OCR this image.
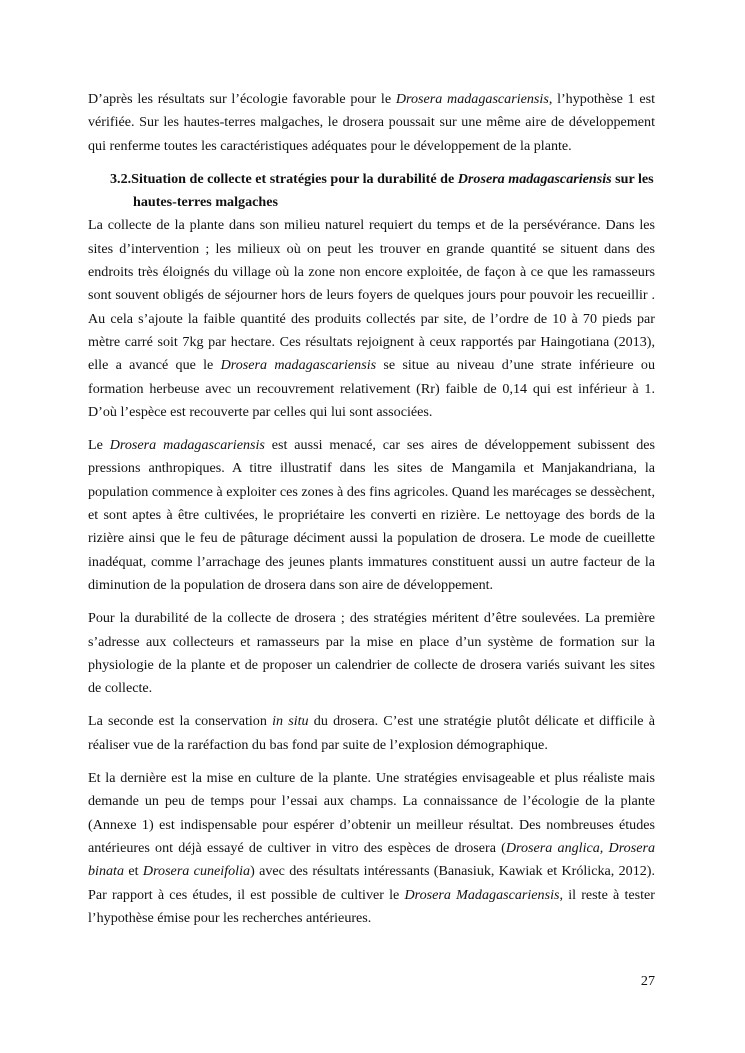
D’après les résultats sur l’écologie favorable pour le Drosera madagascariensis, l’hypothèse 1 est vérifiée. Sur les hautes-terres malgaches, le drosera poussait sur une même aire de développement qui renferme toutes les caractéristiques adéquates pour le développement de la plante.

3.2.Situation de collecte et stratégies pour la durabilité de Drosera madagascariensis sur les hautes-terres malgaches

La collecte de la plante dans son milieu naturel requiert du temps et de la persévérance. Dans les sites d’intervention ; les milieux où on peut les trouver en grande quantité se situent dans des endroits très éloignés du village où la zone non encore exploitée, de façon à ce que les ramasseurs sont souvent obligés de séjourner hors de leurs foyers de quelques jours pour pouvoir les recueillir . Au cela s’ajoute la faible quantité des produits collectés par site, de l’ordre de 10 à 70 pieds par mètre carré soit 7kg par hectare. Ces résultats rejoignent à ceux rapportés par Haingotiana (2013), elle a avancé que le Drosera madagascariensis se situe au niveau d’une strate inférieure ou formation herbeuse avec un recouvrement relativement (Rr) faible de 0,14 qui est inférieur à 1. D’où l’espèce est recouverte par celles qui lui sont associées.

Le Drosera madagascariensis est aussi menacé, car ses aires de développement subissent des pressions anthropiques. A titre illustratif dans les sites de Mangamila et Manjakandriana, la population commence à exploiter ces zones à des fins agricoles. Quand les marécages se dessèchent, et sont aptes à être cultivées, le propriétaire les converti en rizière. Le nettoyage des bords de la rizière ainsi que le feu de pâturage déciment aussi la population de drosera. Le mode de cueillette inadéquat, comme l’arrachage des jeunes plants immatures constituent aussi un autre facteur de la diminution de la population de drosera dans son aire de développement.

Pour la durabilité de la collecte de drosera ; des stratégies méritent d’être soulevées. La première s’adresse aux collecteurs et ramasseurs par la mise en place d’un système de formation sur la physiologie de la plante et de proposer un calendrier de collecte de drosera variés suivant les sites de collecte.

La seconde est la conservation in situ du drosera. C’est une stratégie plutôt délicate et difficile à réaliser vue de la raréfaction du bas fond par suite de l’explosion démographique.

Et la dernière est la mise en culture de la plante. Une stratégies envisageable et plus réaliste mais demande un peu de temps pour l’essai aux champs. La connaissance de l’écologie de la plante (Annexe 1) est indispensable pour espérer d’obtenir un meilleur résultat. Des nombreuses études antérieures ont déjà essayé de cultiver in vitro des espèces de drosera (Drosera anglica, Drosera binata et Drosera cuneifolia) avec des résultats intéressants (Banasiuk, Kawiak et Królicka, 2012). Par rapport à ces études, il est possible de cultiver le Drosera Madagascariensis, il reste à tester l’hypothèse émise pour les recherches antérieures.

27
